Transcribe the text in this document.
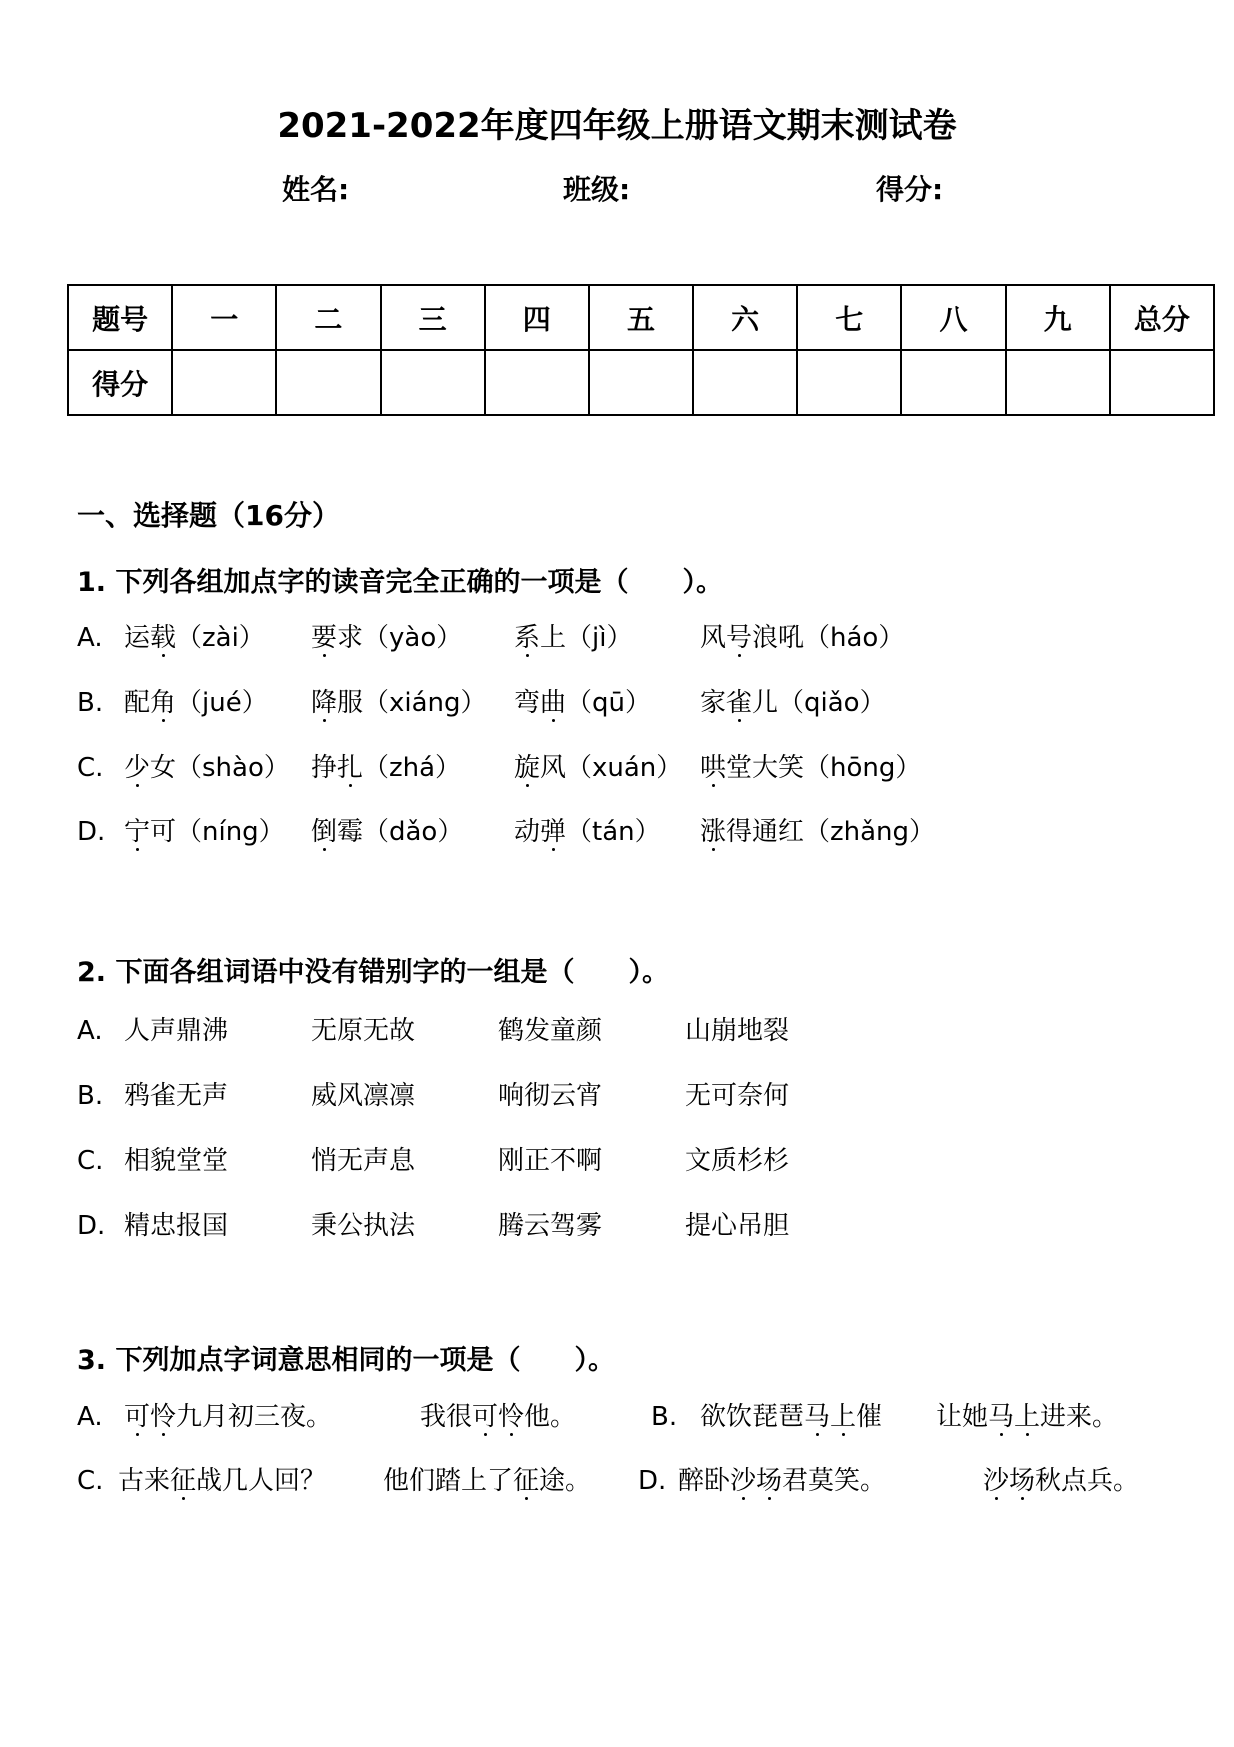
2021-2022年度四年级上册语文期末测试卷
姓名:	班级:	得分:
题号	一	二	三	四	五	六	七	八	九	总分
得分										
一、选择题（16分）
1. 下列各组加点字的读音完全正确的一项是（　　）。
A. 运载（zài） 要求（yào） 系上（jì）	风号浪吼（háo）
B. 配角（jué） 降服（xiáng） 弯曲（qū） 家雀儿（qiǎo）
C. 少女（shào） 挣扎（zhá） 旋风（xuán） 哄堂大笑（hōng）
D. 宁可（níng） 倒霉（dǎo） 动弹（tán） 涨得通红（zhǎng）
2. 下面各组词语中没有错别字的一组是（　　）。
A. 人声鼎沸	无原无故	鹤发童颜	山崩地裂
B. 鸦雀无声	威风凛凛	响彻云宵	无可奈何
C. 相貌堂堂	悄无声息	刚正不啊	文质杉杉
D. 精忠报国	秉公执法	腾云驾雾	提心吊胆
3. 下列加点字词意思相同的一项是（　　）。
A. 可怜九月初三夜。	我很可怜他。	B. 欲饮琵琶马上催 让她马上进来。
C. 古来征战几人回？ 他们踏上了征途。 D. 醉卧沙场君莫笑。	沙场秋点兵。
